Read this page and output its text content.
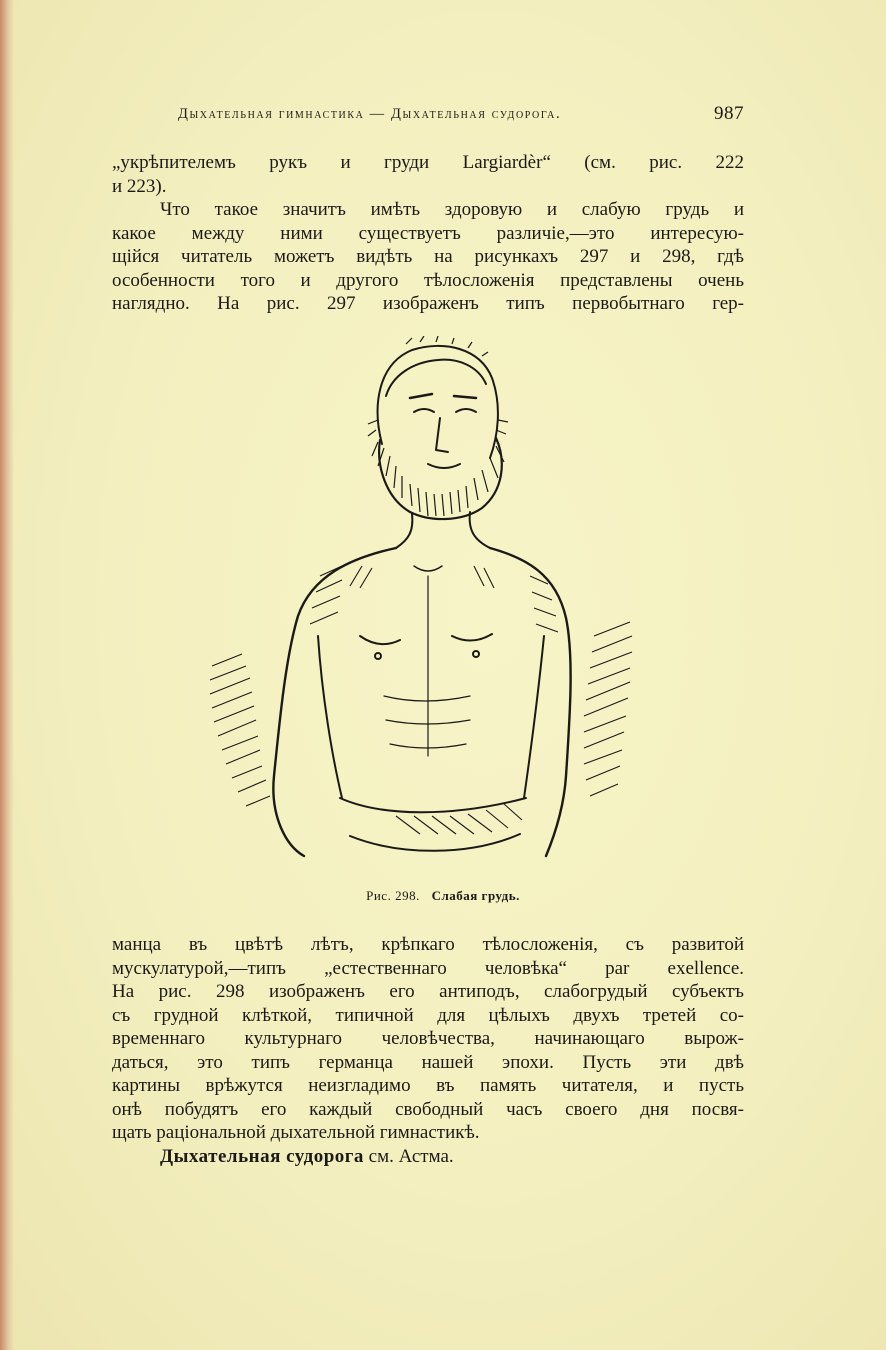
Дыхательная гимнастика — Дыхательная судорога.	987
„укрѣпителемъ рукъ и груди Largiardèr“ (см. рис. 222
и 223).
Что такое значитъ имѣть здоровую и слабую грудь и
какое между ними существуетъ различіе,—это интересую-
щійся читатель можетъ видѣть на рисункахъ 297 и 298, гдѣ
особенности того и другого тѣлосложенія представлены очень
наглядно. На рис. 297 изображенъ типъ первобытнаго гер-
Рис. 298. Слабая грудь.
манца въ цвѣтѣ лѣтъ, крѣпкаго тѣлосложенія, съ развитой
мускулатурой,—типъ „естественнаго человѣка“ par exellence.
На рис. 298 изображенъ его антиподъ, слабогрудый субъектъ
съ грудной клѣткой, типичной для цѣлыхъ двухъ третей со-
временнаго культурнаго человѣчества, начинающаго вырож-
даться, это типъ германца нашей эпохи. Пусть эти двѣ
картины врѣжутся неизгладимо въ память читателя, и пусть
онѣ побудятъ его каждый свободный часъ своего дня посвя-
щать раціональной дыхательной гимнастикѣ.
Дыхательная судорога см. Астма.
